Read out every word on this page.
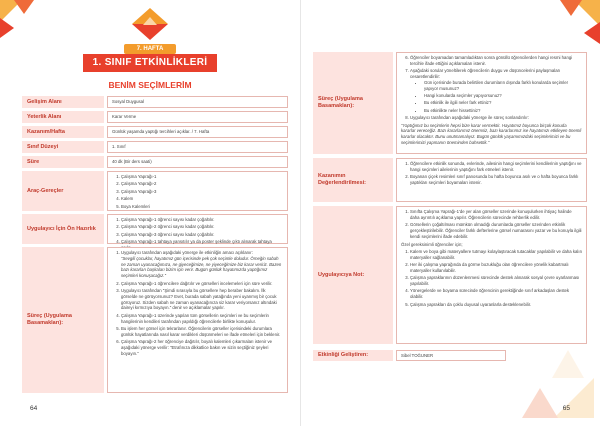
7. HAFTA
1. SINIF ETKİNLİKLERİ
BENİM SEÇİMLERİM
Gelişim Alanı	Sosyal Duygusal
Yeterlik Alanı	Karar Verme
Kazanım/Hafta	Günlük yaşamda yaptığı tercihleri açıklar. / 7. Hafta
Sınıf Düzeyi	1. Sınıf
Süre	40 dk (Bir ders saati)
Araç-Gereçler
1. Çalışma Yaprağı-1
2. Çalışma Yaprağı-2
3. Çalışma Yaprağı-3
4. Kalem
5. Boya Kalemleri
Uygulayıcı İçin Ön Hazırlık
1. Çalışma Yaprağı-1 öğrenci sayısı kadar çoğaltılır.
2. Çalışma Yaprağı-2 öğrenci sayısı kadar çoğaltılır.
3. Çalışma Yaprağı-3 öğrenci sayısı kadar çoğaltılır.
4. Çalışma Yaprağı-1 tahtaya yansıtılır ya da poster şeklinde çıktı alınarak tahtaya
Süreç (Uygulama Basamakları):
1. Uygulayıcı tarafından aşağıdaki yönerge ile etkinliğin amacı açıklanır:

"Sevgili çocuklar, hayatımız gün içerisinde pek çok seçimle doludur. Örneğin sabah ne zaman uyanacağımıza, ne giyeceğimize, ne yiyeceğimize biz karar veririz. Bazen bazı kararları başkaları bizim için verir. Bugün günlük hayatımızda yaptığımız seçimleri konuşacağız."

2. Çalışma Yaprağı-1 öğrencilere dağıtılır ve görselleri incelemeleri için süre verilir.
3. Uygulayıcı tarafından "Şimdi sırasıyla bu görsellere hep beraber bakalım. İlk görselde ne görüyorsunuz? Evet, burada sabah yatağında yeni uyanmış bir çocuk görüyoruz. Sizden sabah ne zaman uyanacağınıza siz karar veriyorsanız altındaki daireyi kırmızıya boyayın." denir ve açıklamalar yapılır.
4. Çalışma Yaprağı-1 üzerinde yapılan tüm görsellerin seçimleri ve bu seçimlerin hangilerinin kendileri tarafından yapıldığı öğrencilerle birlikte konuşulur.
5. Bu işlem her görsel için tekrarlanır. Öğrencilerin görseller içerisindeki durumlara günlük hayatlarında nasıl karar verdikleri düşünmeleri ve ifade etmeleri için beklenir.
6. Çalışma Yaprağı-2 her öğrenciye dağıtılır, boyalı kalemleri çıkarmaları istenir ve aşağıdaki yönerge verilir: "Etrafınıza dikkatlice bakın ve sizin seçtiğiniz şeyleri boyayın."
64
Süreç (Uygulama Basamakları):
6. Öğrenciler boyamadan tamamladıktan sonra gönüllü öğrencilerden hangi resmi hangi tercihle ifade ettiğini açıklamaları istenir.
7. Aşağıdaki sorular yöneltilerek öğrencilerin duygu ve düşüncelerini paylaşmaları cesaretlendirilir:
• Gün içerisinde burada belirtilen durumların dışında farklı konularda seçimler yapıyor musunuz?
• Hangi konularda seçimler yapıyorsunuz?
• Bu etkinlik ile ilgili neler fark ettiniz?
• Bu etkinlikte neler hissettiniz?
8. Uygulayıcı tarafından aşağıdaki yönerge ile süreç sonlandırılır:

"Yaptığımız bu seçimlerin hepsi bize karar vermektir. Hayatımız boyunca birçok konuda kararlar vereceğiz. Bazı kararlarımız önemsiz, bazı kararlarımız ise hayatımızı etkileyen önemli kararlar olacaktır. Bunu unutmamalıyız. Bugün günlük yaşamımızdaki seçimlerimizi ve bu seçimlerimizi yapmanın öneminden bahsettik."

Kazanımın Değerlendirilmesi:
1. Öğrencilere etkinlik sonunda, evlerinde, ailesinin hangi seçimlerini kendilerinin yaptığını ve hangi seçimleri ailelerinin yaptığını fark etmeleri istenir.
2. Boyanan çiçek resimleri sınıf panosunda bu hafta boyunca asılı ve o hafta boyunca farklı yaptıkları seçimleri boyamaları istenir.
Uygulayıcıya Not:
1. Sınıfta Çalışma Yaprağı-1'de yer alan görseller üzerinde konuşulurken ihtiyaç halinde daha ayrıntılı açıklama yapılır. Öğrencilerin sürecinde rehberlik edilir.
2. Görsellerin çoğaltılması mümkün olmadığı durumlarda görseller üzerinden etkinlik gerçekleştirilebilir. Öğrenciler farklı defterlerine görsel numarasını yazar ve bu konuyla ilgili kendi seçimlerini ifade edebilir.

Özel gereksinimli öğrenciler için;

1. Kalem ve boya gibi materyallere tutmayı kolaylaştıracak tutacaklar yapılabilir ve daha kalın materyaller sağlanabilir.
2. Her iki çalışma yaprağında da görme bozukluğu olan öğrencilere yönelik kabartmalı materyaller kullanılabilir.
3. Çalışma yapraklarının düzenlenmesi sürecinde destek alınarak sosyal çevre uyarlanması yapılabilir.
4. Yönergelerde ve boyama sürecinde öğrencinin gerektiğinde sınıf arkadaşları destek olabilir.
5. Çalışma yaprakları da çoklu duyusal uyaranlarla desteklenebilir.
Etkinliği Geliştiren:	Sibel TOĞUNER
65
